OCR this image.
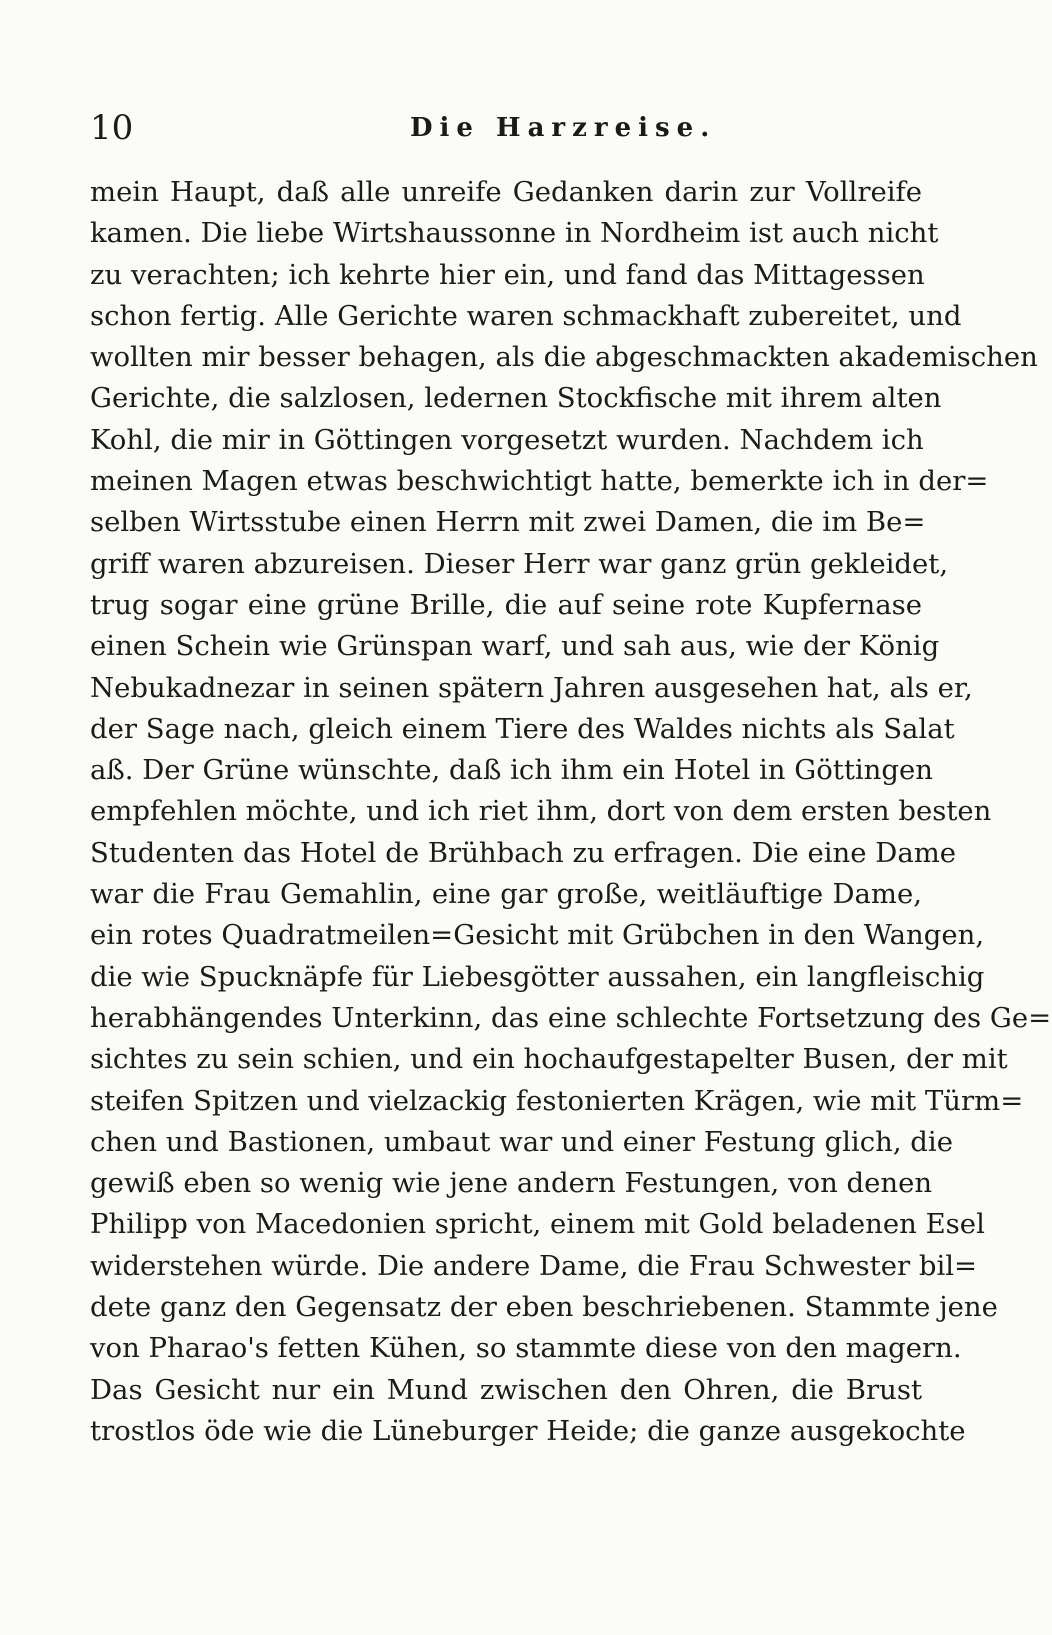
10	Die Harzreise.
mein Haupt, daß alle unreife Gedanken darin zur Vollreife
kamen. Die liebe Wirtshaussonne in Nordheim ist auch nicht
zu verachten; ich kehrte hier ein, und fand das Mittagessen
schon fertig. Alle Gerichte waren schmackhaft zubereitet, und
wollten mir besser behagen, als die abgeschmackten akademischen
Gerichte, die salzlosen, ledernen Stockfische mit ihrem alten
Kohl, die mir in Göttingen vorgesetzt wurden. Nachdem ich
meinen Magen etwas beschwichtigt hatte, bemerkte ich in der=
selben Wirtsstube einen Herrn mit zwei Damen, die im Be=
griff waren abzureisen. Dieser Herr war ganz grün gekleidet,
trug sogar eine grüne Brille, die auf seine rote Kupfernase
einen Schein wie Grünspan warf, und sah aus, wie der König
Nebukadnezar in seinen spätern Jahren ausgesehen hat, als er,
der Sage nach, gleich einem Tiere des Waldes nichts als Salat
aß. Der Grüne wünschte, daß ich ihm ein Hotel in Göttingen
empfehlen möchte, und ich riet ihm, dort von dem ersten besten
Studenten das Hotel de Brühbach zu erfragen. Die eine Dame
war die Frau Gemahlin, eine gar große, weitläuftige Dame,
ein rotes Quadratmeilen=Gesicht mit Grübchen in den Wangen,
die wie Spucknäpfe für Liebesgötter aussahen, ein langfleischig
herabhängendes Unterkinn, das eine schlechte Fortsetzung des Ge=
sichtes zu sein schien, und ein hochaufgestapelter Busen, der mit
steifen Spitzen und vielzackig festonierten Krägen, wie mit Türm=
chen und Bastionen, umbaut war und einer Festung glich, die
gewiß eben so wenig wie jene andern Festungen, von denen
Philipp von Macedonien spricht, einem mit Gold beladenen Esel
widerstehen würde. Die andere Dame, die Frau Schwester bil=
dete ganz den Gegensatz der eben beschriebenen. Stammte jene
von Pharao's fetten Kühen, so stammte diese von den magern.
Das Gesicht nur ein Mund zwischen den Ohren, die Brust
trostlos öde wie die Lüneburger Heide; die ganze ausgekochte
